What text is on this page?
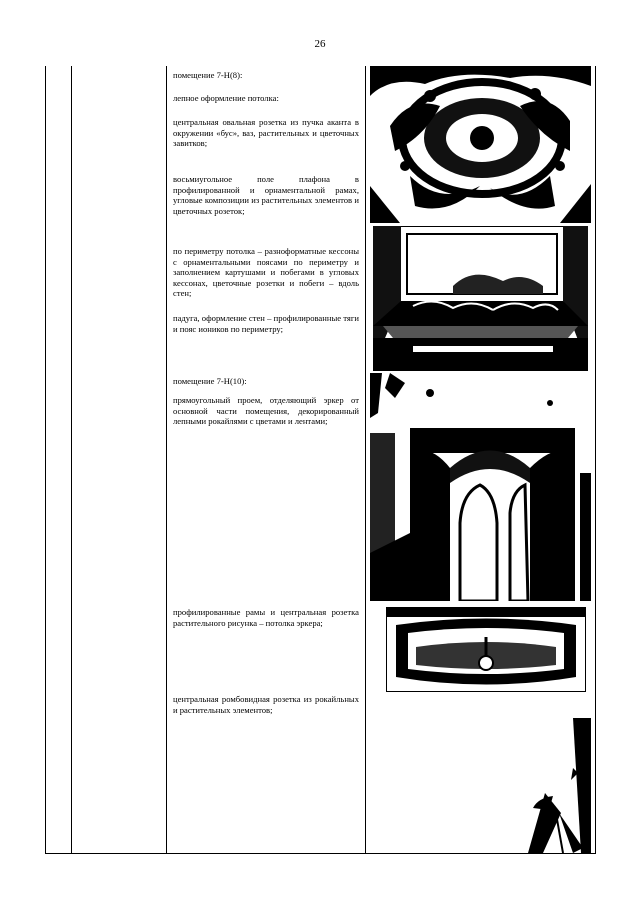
26

помещение 7-Н(8):

лепное оформление потолка:

центральная овальная розетка из пучка аканта в окружении «бус», ваз, растительных и цветочных завитков;

восьмиугольное поле плафона в профилированной и орнаментальной рамах, угловые композиции из растительных элементов и цветочных розеток;

по периметру потолка – разноформатные кессоны с орнаментальными поясами по периметру и заполнением картушами и побегами в угловых кессонах, цветочные розетки и побеги – вдоль стен;

падуга, оформление стен – профилированные тяги и пояс иоников по периметру;

помещение 7-Н(10):

прямоугольный проем, отделяющий эркер от основной части помещения, декорированный лепными рокайлями с цветами и лентами;

профилированные рамы и центральная розетка растительного рисунка – потолка эркера;

центральная ромбовидная розетка из рокайльных и растительных элементов;
